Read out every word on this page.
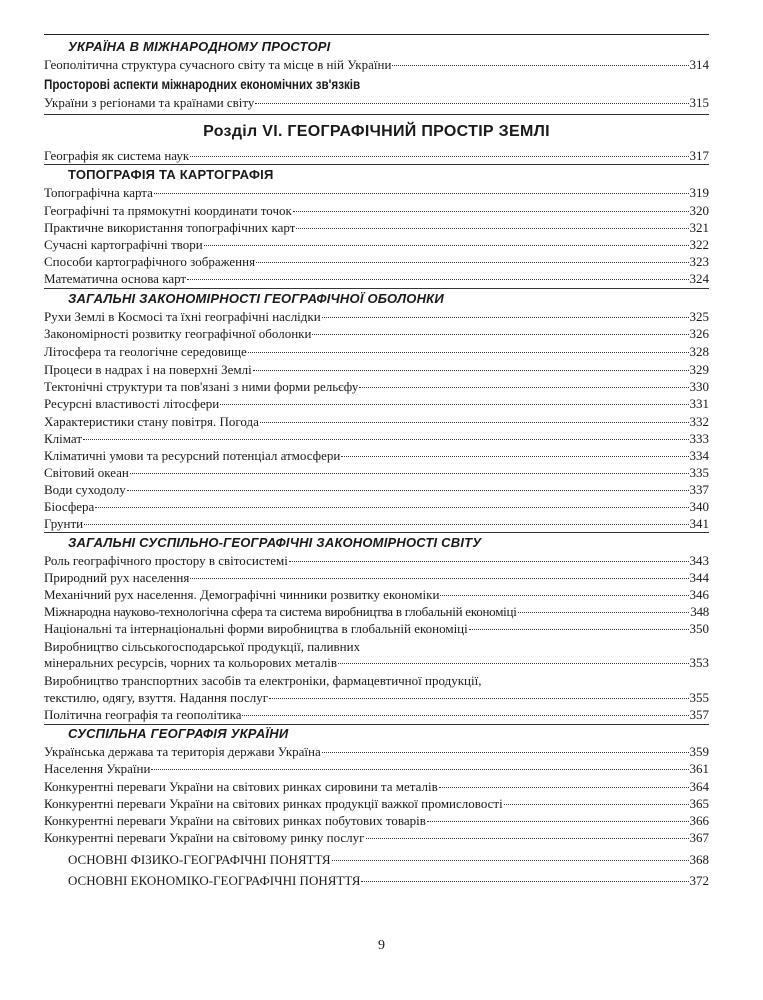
УКРАЇНА В МІЖНАРОДНОМУ ПРОСТОРІ
Геополітична структура сучасного світу та місце в ній України	314
Просторові аспекти міжнародних економічних зв'язків
України з регіонами та країнами світу	315
Розділ VI. ГЕОГРАФІЧНИЙ ПРОСТІР ЗЕМЛІ
Географія як система наук	317
ТОПОГРАФІЯ ТА КАРТОГРАФІЯ
Топографічна карта	319
Географічні та прямокутні координати точок	320
Практичне використання топографічних карт	321
Сучасні картографічні твори	322
Способи картографічного зображення	323
Математична основа карт	324
ЗАГАЛЬНІ ЗАКОНОМІРНОСТІ ГЕОГРАФІЧНОЇ ОБОЛОНКИ
Рухи Землі в Космосі та їхні географічні наслідки	325
Закономірності розвитку географічної оболонки	326
Літосфера та геологічне середовище	328
Процеси в надрах і на поверхні Землі	329
Тектонічні структури та пов'язані з ними форми рельєфу	330
Ресурсні властивості літосфери	331
Характеристики стану повітря. Погода	332
Клімат	333
Кліматичні умови та ресурсний потенціал атмосфери	334
Світовий океан	335
Води суходолу	337
Біосфера	340
Грунти	341
ЗАГАЛЬНІ СУСПІЛЬНО-ГЕОГРАФІЧНІ ЗАКОНОМІРНОСТІ СВІТУ
Роль географічного простору в світосистемі	343
Природний рух населення	344
Механічний рух населення. Демографічні чинники розвитку економіки	346
Міжнародна науково-технологічна сфера та система виробництва в глобальній економіці	348
Національні та інтернаціональні форми виробництва в глобальній економіці	350
Виробництво сільськогосподарської продукції, паливних
мінеральних ресурсів, чорних та кольорових металів	353
Виробництво транспортних засобів та електроніки, фармацевтичної продукції,
текстилю, одягу, взуття. Надання послуг	355
Політична географія та геополітика	357
СУСПІЛЬНА ГЕОГРАФІЯ УКРАЇНИ
Українська держава та територія держави Україна	359
Населення України	361
Конкурентні переваги України на світових ринках сировини та металів	364
Конкурентні переваги України на світових ринках продукції важкої промисловості	365
Конкурентні переваги України на світових ринках побутових товарів	366
Конкурентні переваги України на світовому ринку послуг	367
ОСНОВНІ ФІЗИКО-ГЕОГРАФІЧНІ ПОНЯТТЯ	368
ОСНОВНІ ЕКОНОМІКО-ГЕОГРАФІЧНІ ПОНЯТТЯ	372
9
